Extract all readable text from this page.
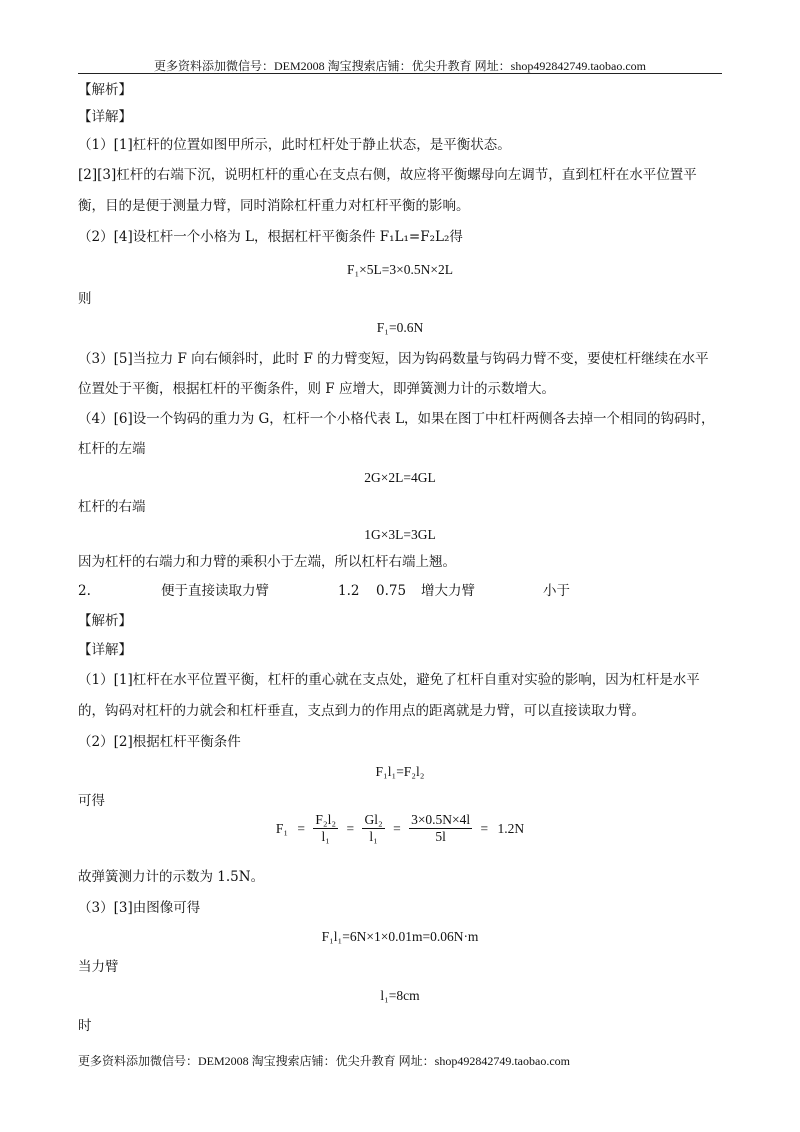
更多资料添加微信号：DEM2008 淘宝搜索店铺：优尖升教育 网址：shop492842749.taobao.com
【解析】
【详解】
（1）[1]杠杆的位置如图甲所示，此时杠杆处于静止状态，是平衡状态。
[2][3]杠杆的右端下沉，说明杠杆的重心在支点右侧，故应将平衡螺母向左调节，直到杠杆在水平位置平
衡，目的是便于测量力臂，同时消除杠杆重力对杠杆平衡的影响。
（2）[4]设杠杆一个小格为 L，根据杠杆平衡条件 F₁L₁=F₂L₂得
F₁×5L=3×0.5N×2L
则
F₁=0.6N
（3）[5]当拉力 F 向右倾斜时，此时 F 的力臂变短，因为钩码数量与钩码力臂不变，要使杠杆继续在水平
位置处于平衡，根据杠杆的平衡条件，则 F 应增大，即弹簧测力计的示数增大。
（4）[6]设一个钩码的重力为 G，杠杆一个小格代表 L，如果在图丁中杠杆两侧各去掉一个相同的钩码时，
杠杆的左端
2G×2L=4GL
杠杆的右端
1G×3L=3GL
因为杠杆的右端力和力臂的乘积小于左端，所以杠杆右端上翘。
2.	便于直接读取力臂	1.2 0.75 增大力臂	小于
【解析】
【详解】
（1）[1]杠杆在水平位置平衡，杠杆的重心就在支点处，避免了杠杆自重对实验的影响，因为杠杆是水平
的，钩码对杠杆的力就会和杠杆垂直，支点到力的作用点的距离就是力臂，可以直接读取力臂。
（2）[2]根据杠杆平衡条件
F₁l₁=F₂l₂
可得
$F_1 = \frac{\text{F₂l₂}}{\text{l₁}} = \frac{\text{Gl₂}}{\text{l₁}} = \frac{3\times 0.5N\times 4l}{5l} = 1.2N$
故弹簧测力计的示数为 1.5N。
（3）[3]由图像可得
F₁l₁=6N×1×0.01m=0.06N·m
当力臂
l₁=8cm
时
更多资料添加微信号：DEM2008 淘宝搜索店铺：优尖升教育 网址：shop492842749.taobao.com
